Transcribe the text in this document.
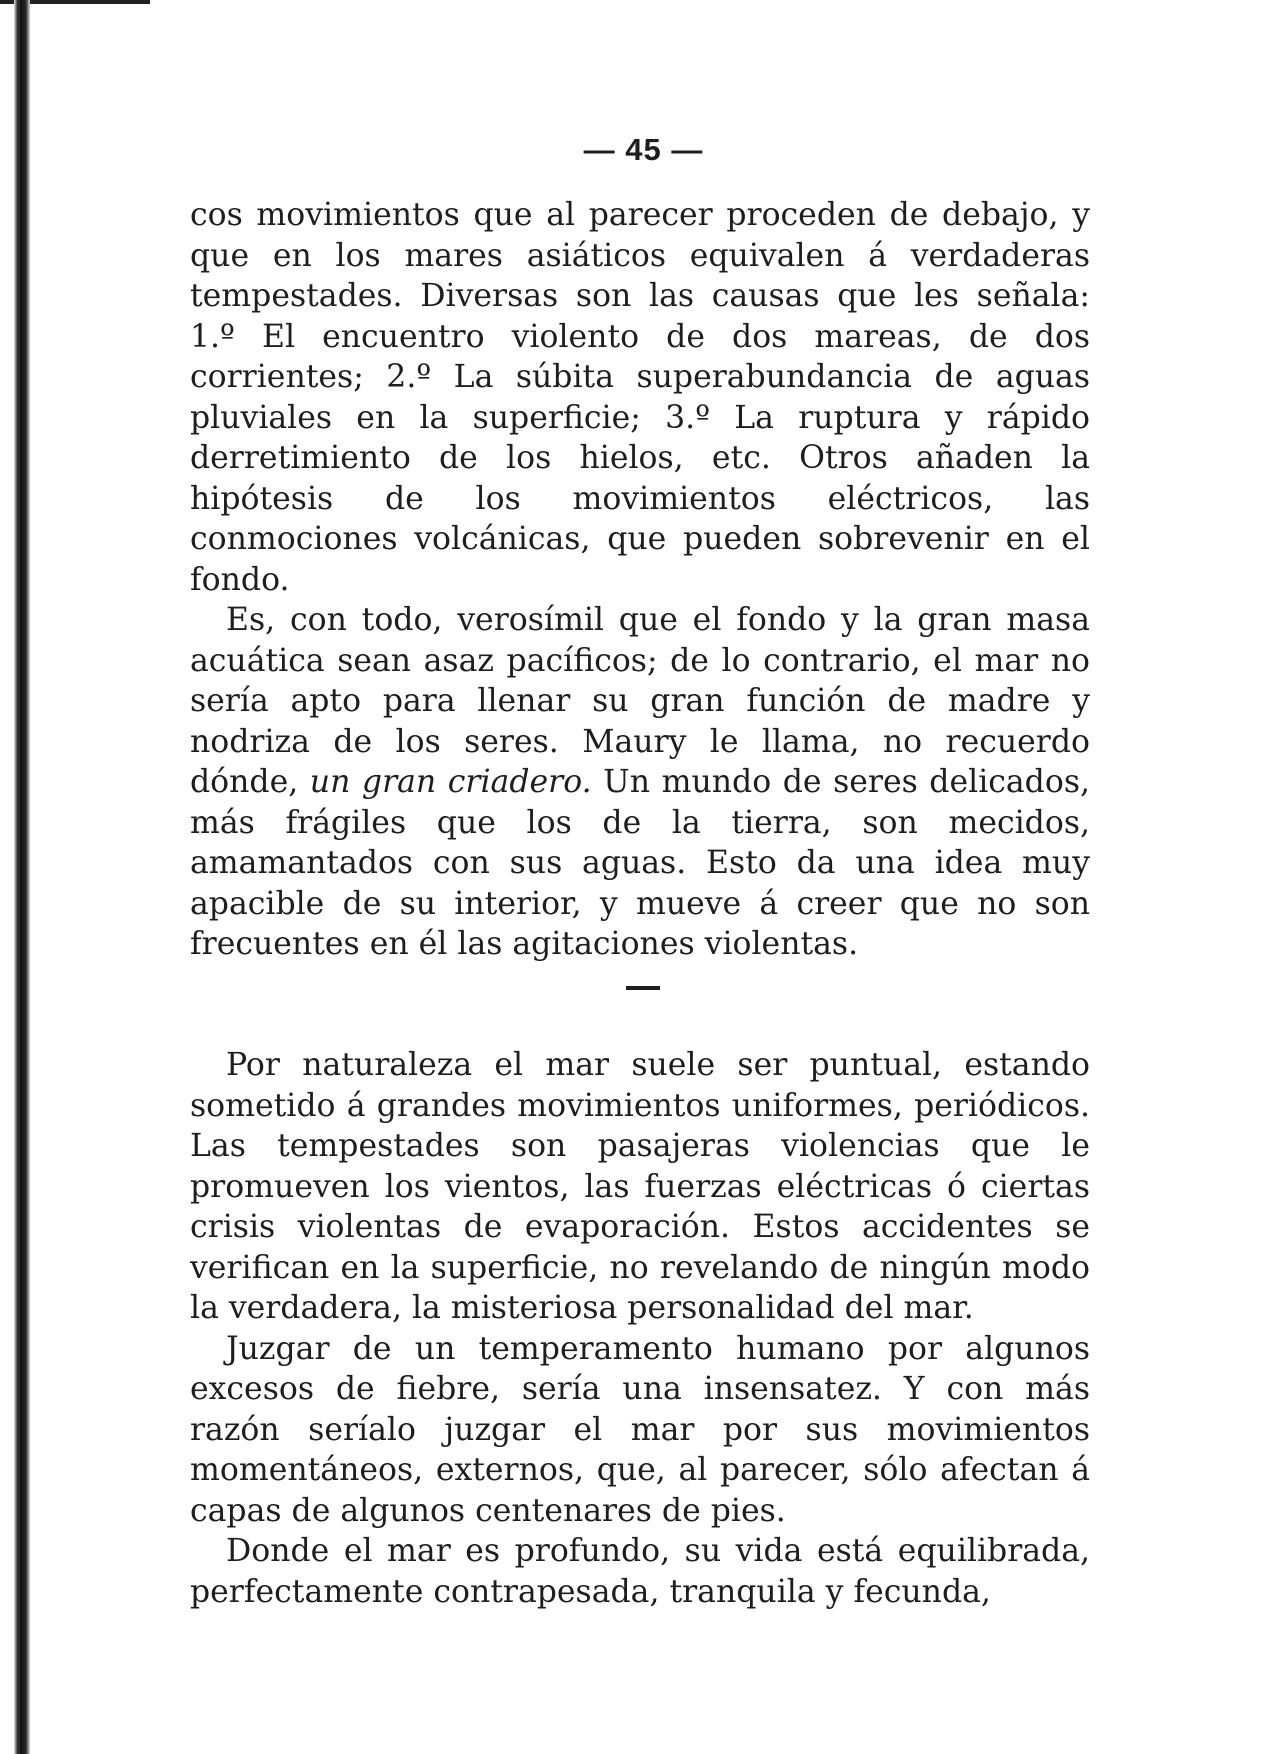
— 45 —

cos movimientos que al parecer proceden de debajo, y que en los mares asiáticos equivalen á verdaderas tempestades. Diversas son las causas que les señala: 1.º El encuentro violento de dos mareas, de dos corrientes; 2.º La súbita superabundancia de aguas pluviales en la superficie; 3.º La ruptura y rápido derretimiento de los hielos, etc. Otros añaden la hipótesis de los movimientos eléctricos, las conmociones volcánicas, que pueden sobrevenir en el fondo.

Es, con todo, verosímil que el fondo y la gran masa acuática sean asaz pacíficos; de lo contrario, el mar no sería apto para llenar su gran función de madre y nodriza de los seres. Maury le llama, no recuerdo dónde, un gran criadero. Un mundo de seres delicados, más frágiles que los de la tierra, son mecidos, amamantados con sus aguas. Esto da una idea muy apacible de su interior, y mueve á creer que no son frecuentes en él las agitaciones violentas.

Por naturaleza el mar suele ser puntual, estando sometido á grandes movimientos uniformes, periódicos. Las tempestades son pasajeras violencias que le promueven los vientos, las fuerzas eléctricas ó ciertas crisis violentas de evaporación. Estos accidentes se verifican en la superficie, no revelando de ningún modo la verdadera, la misteriosa personalidad del mar.

Juzgar de un temperamento humano por algunos excesos de fiebre, sería una insensatez. Y con más razón seríalo juzgar el mar por sus movimientos momentáneos, externos, que, al parecer, sólo afectan á capas de algunos centenares de pies.

Donde el mar es profundo, su vida está equilibrada, perfectamente contrapesada, tranquila y fecunda,
